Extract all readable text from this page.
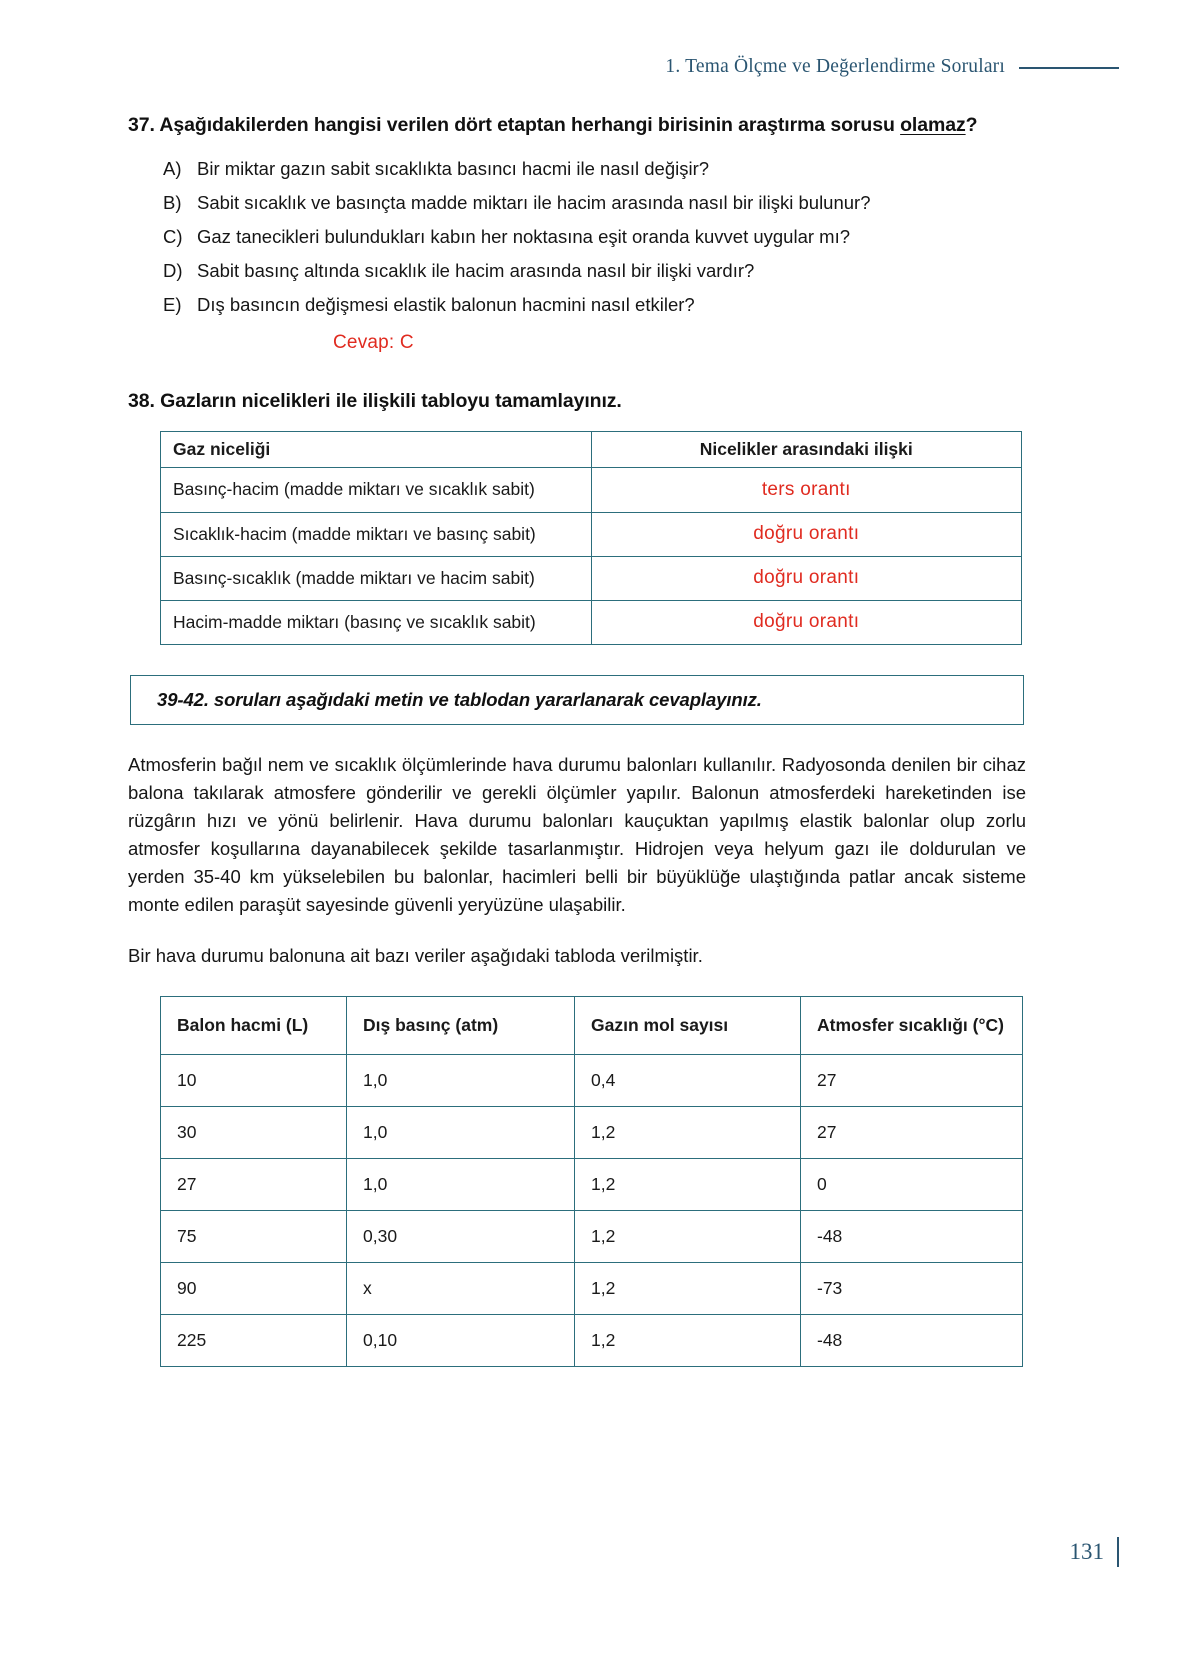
1. Tema Ölçme ve Değerlendirme Soruları
37. Aşağıdakilerden hangisi verilen dört etaptan herhangi birisinin araştırma sorusu olamaz?
A) Bir miktar gazın sabit sıcaklıkta basıncı hacmi ile nasıl değişir?
B) Sabit sıcaklık ve basınçta madde miktarı ile hacim arasında nasıl bir ilişki bulunur?
C) Gaz tanecikleri bulundukları kabın her noktasına eşit oranda kuvvet uygular mı?
D) Sabit basınç altında sıcaklık ile hacim arasında nasıl bir ilişki vardır?
E) Dış basıncın değişmesi elastik balonun hacmini nasıl etkiler?
Cevap: C
38. Gazların nicelikleri ile ilişkili tabloyu tamamlayınız.
Gaz niceliği	Nicelikler arasındaki ilişki
Basınç-hacim (madde miktarı ve sıcaklık sabit)	ters orantı
Sıcaklık-hacim (madde miktarı ve basınç sabit)	doğru orantı
Basınç-sıcaklık (madde miktarı ve hacim sabit)	doğru orantı
Hacim-madde miktarı (basınç ve sıcaklık sabit)	doğru orantı
39-42. soruları aşağıdaki metin ve tablodan yararlanarak cevaplayınız.

Atmosferin bağıl nem ve sıcaklık ölçümlerinde hava durumu balonları kullanılır. Radyosonda denilen bir cihaz balona takılarak atmosfere gönderilir ve gerekli ölçümler yapılır. Balonun atmosferdeki hareketinden ise rüzgârın hızı ve yönü belirlenir. Hava durumu balonları kauçuktan yapılmış elastik balonlar olup zorlu atmosfer koşullarına dayanabilecek şekilde tasarlanmıştır. Hidrojen veya helyum gazı ile doldurulan ve yerden 35-40 km yükselebilen bu balonlar, hacimleri belli bir büyüklüğe ulaştığında patlar ancak sisteme monte edilen paraşüt sayesinde güvenli yeryüzüne ulaşabilir.

Bir hava durumu balonuna ait bazı veriler aşağıdaki tabloda verilmiştir.

Balon hacmi (L)	Dış basınç (atm)	Gazın mol sayısı	Atmosfer sıcaklığı (°C)
10	1,0	0,4	27
30	1,0	1,2	27
27	1,0	1,2	0
75	0,30	1,2	-48
90	x	1,2	-73
225	0,10	1,2	-48
131
